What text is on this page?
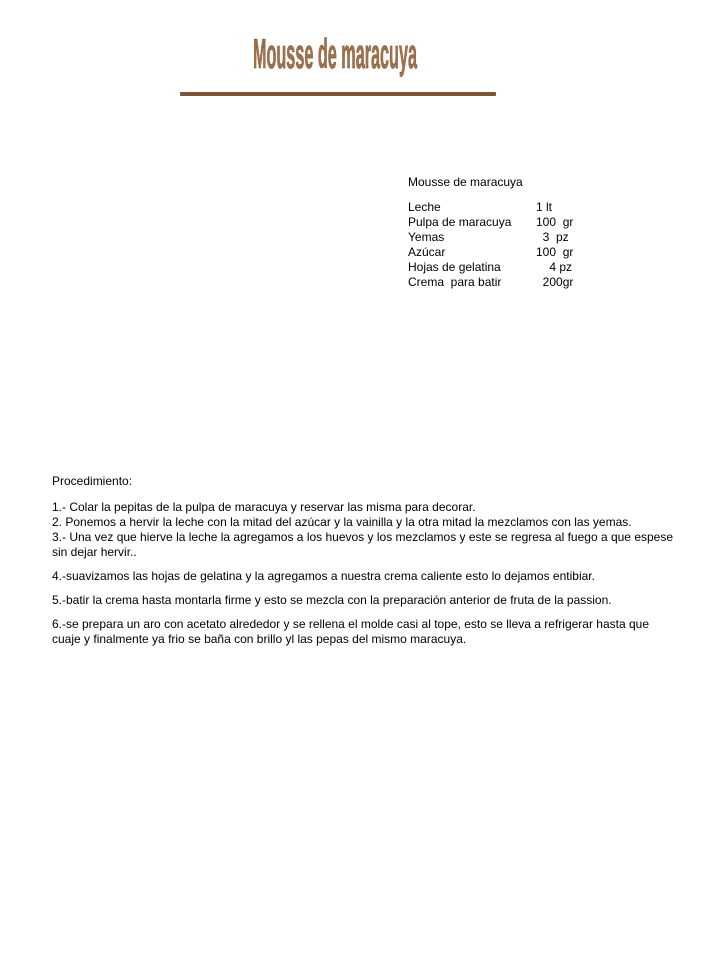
Mousse de maracuya

Mousse de maracuya

Leche	1 lt
Pulpa de maracuya	100  gr
Yemas	3  pz
Azúcar	100  gr
Hojas de gelatina	4 pz
Crema  para batir	200gr

Procedimiento:

1.- Colar la pepitas de la pulpa de maracuya y reservar las misma para decorar.

2. Ponemos a hervir la leche con la mitad del azúcar y la vainilla y la otra mitad la mezclamos con las yemas.

3.- Una vez que hierve la leche la agregamos a los huevos y los mezclamos y este se regresa al fuego a que espese sin dejar hervir..

4.-suavizamos las hojas de gelatina y la agregamos a nuestra crema caliente esto lo dejamos entibiar.

5.-batir la crema hasta montarla firme y esto se mezcla con la preparación anterior de fruta de la passion.

6.-se prepara un aro con acetato alrededor y se rellena el molde casi al tope, esto se lleva a refrigerar hasta que cuaje y finalmente ya frio se baña con brillo yl las pepas del mismo maracuya.
